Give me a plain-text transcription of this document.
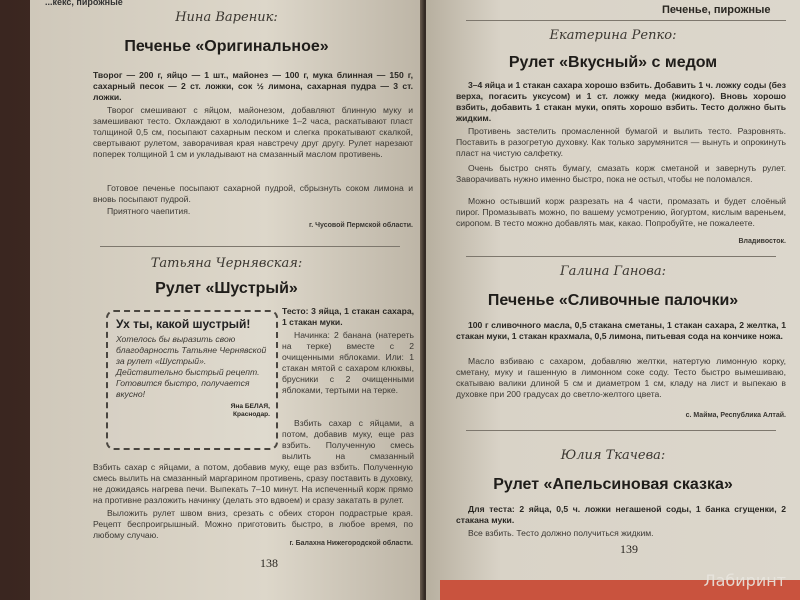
...кекс, пирожные
Нина Вареник:
Печенье «Оригинальное»
Творог — 200 г, яйцо — 1 шт., майонез — 100 г, мука блинная — 150 г, сахарный песок — 2 ст. ложки, сок ½ лимона, сахарная пудра — 3 ст. ложки.
Творог смешивают с яйцом, майонезом, добавляют блинную муку и замешивают тесто. Охлаждают в холодильнике 1–2 часа, раскатывают пласт толщиной 0,5 см, посыпают сахарным песком и слегка прокатывают скалкой, свертывают рулетом, заворачивая края навстречу друг другу. Рулет нарезают поперек толщиной 1 см и укладывают на смазанный маслом противень.
Готовое печенье посыпают сахарной пудрой, сбрызнуть соком лимона и вновь посыпают пудрой.
Приятного чаепития.
г. Чусовой Пермской области.
Татьяна Чернявская:
Рулет «Шустрый»
Ух ты, какой шустрый!
Хотелось бы выразить свою благодарность Татьяне Чернявской за рулет «Шустрый». Действительно быстрый рецепт. Готовится быстро, получается вкусно!
Яна БЕЛАЯ,
Краснодар.
Тесто: 3 яйца, 1 стакан сахара, 1 стакан муки.
Начинка: 2 банана (натереть на терке) вместе с 2 очищенными яблоками. Или: 1 стакан мятой с сахаром клюквы, брусники с 2 очищенными яблоками, тертыми на терке.
Взбить сахар с яйцами, а потом, добавив муку, еще раз взбить. Полученную смесь вылить на смазанный
Взбить сахар с яйцами, а потом, добавив муку, еще раз взбить. Полученную смесь вылить на смазанный маргарином противень, сразу поставить в духовку, не дожидаясь нагрева печи. Выпекать 7–10 минут. На испеченный корж прямо на противне разложить начинку (делать это вдвоем) и сразу закатать в рулет.
Выложить рулет швом вниз, срезать с обеих сторон подрастрые края. Рецепт беспроигрышный. Можно приготовить быстро, в любое время, по любому случаю.
г. Балахна Нижегородской области.
138
Печенье, пирожные
Екатерина Репко:
Рулет «Вкусный» с медом
3–4 яйца и 1 стакан сахара хорошо взбить. Добавить 1 ч. ложку соды (без верха, погасить уксусом) и 1 ст. ложку меда (жидкого). Вновь хорошо взбить, добавить 1 стакан муки, опять хорошо взбить. Тесто должно быть жидким.
Противень застелить промасленной бумагой и вылить тесто. Разровнять. Поставить в разогретую духовку. Как только зарумянится — вынуть и опрокинуть пласт на чистую салфетку.
Очень быстро снять бумагу, смазать корж сметаной и завернуть рулет. Заворачивать нужно именно быстро, пока не остыл, чтобы не поломался.
Можно остывший корж разрезать на 4 части, промазать и будет слоёный пирог. Промазывать можно, по вашему усмотрению, йогуртом, кислым вареньем, сиропом. В тесто можно добавлять мак, какао. Попробуйте, не пожалеете.
Владивосток.
Галина Ганова:
Печенье «Сливочные палочки»
100 г сливочного масла, 0,5 стакана сметаны, 1 стакан сахара, 2 желтка, 1 стакан муки, 1 стакан крахмала, 0,5 лимона, питьевая сода на кончике ножа.
Масло взбиваю с сахаром, добавляю желтки, натертую лимонную корку, сметану, муку и гашенную в лимонном соке соду. Тесто быстро вымешиваю, скатываю валики длиной 5 см и диаметром 1 см, кладу на лист и выпекаю в духовке при 200 градусах до светло-желтого цвета.
с. Майма, Республика Алтай.
Юлия Ткачева:
Рулет «Апельсиновая сказка»
Для теста: 2 яйца, 0,5 ч. ложки негашеной соды, 1 банка сгущенки, 2 стакана муки.
Все взбить. Тесто должно получиться жидким.
139
Лабиринт
